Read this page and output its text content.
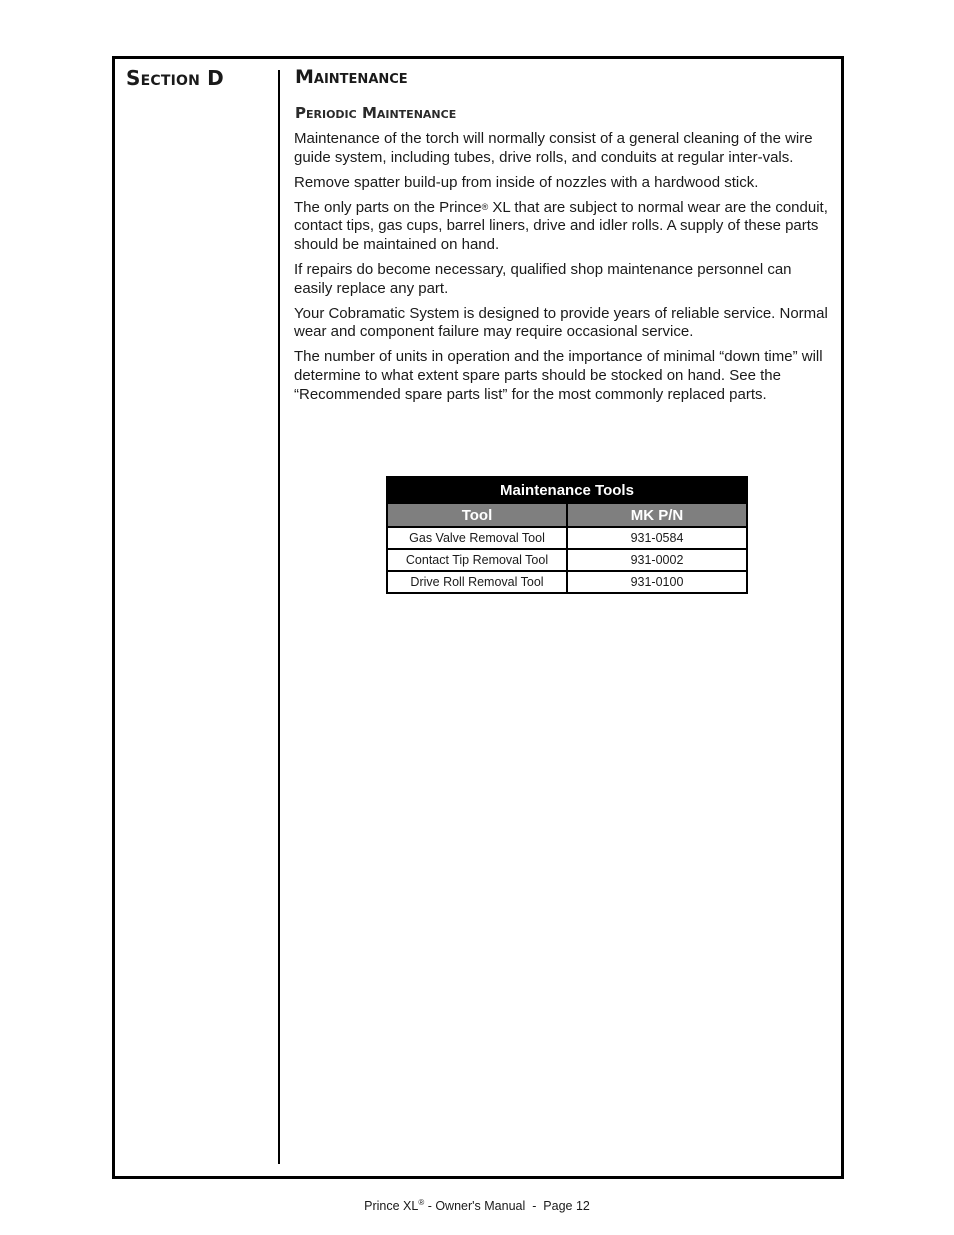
Section D	Maintenance
Periodic Maintenance

Maintenance of the torch will normally consist of a general cleaning of the wire guide system, including tubes, drive rolls, and conduits at regular inter-vals.

Remove spatter build-up from inside of nozzles with a hardwood stick.

The only parts on the Prince® XL that are subject to normal wear are the conduit, contact tips, gas cups, barrel liners, drive and idler rolls. A supply of these parts should be maintained on hand.

If repairs do become necessary, qualified shop maintenance personnel can easily replace any part.

Your Cobramatic System is designed to provide years of reliable service. Normal wear and component failure may require occasional service.

The number of units in operation and the importance of minimal “down time” will determine to what extent spare parts should be stocked on hand. See the “Recommended spare parts list” for the most commonly replaced parts.

Maintenance Tools	
Tool	MK P/N
Gas Valve Removal Tool	931-0584
Contact Tip Removal Tool	931-0002
Drive Roll Removal Tool	931-0100
Prince XL® - Owner's Manual  -  Page 12
